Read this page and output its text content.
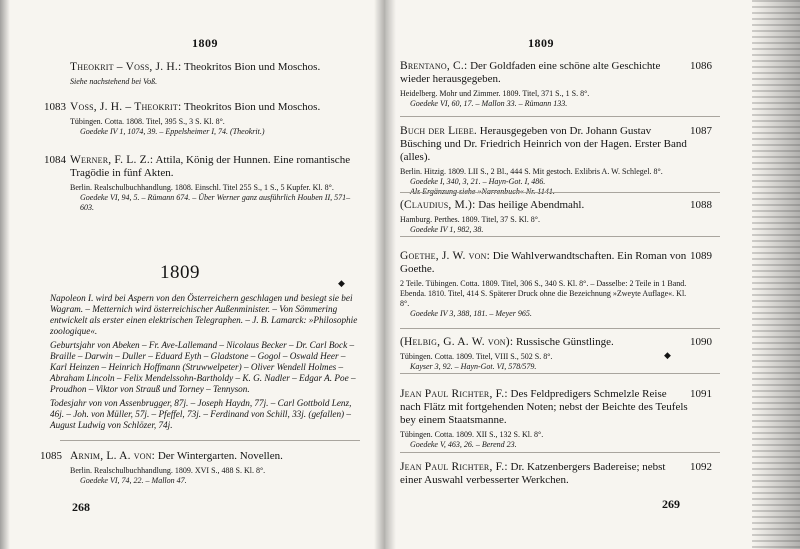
1809
Theokrit – Voss, J. H.: Theokritos Bion und Moschos.
Siehe nachstehend bei Voß.
1083 Voss, J. H. – Theokrit: Theokritos Bion und Moschos.
Tübingen. Cotta. 1808. Titel, 395 S., 3 S. Kl. 8°.
Goedeke IV 1, 1074, 39. – Eppelsheimer I, 74. (Theokrit.)
1084 Werner, F. L. Z.: Attila, König der Hunnen. Eine romantische Tragödie in fünf Akten.
Berlin. Realschulbuchhandlung. 1808. Einschl. Titel 255 S., 1 S., 5 Kupfer. Kl. 8°.
Goedeke VI, 94, 5. – Rümann 674. – Über Werner ganz ausführlich Houben II, 571–603.
1809	◆

Napoleon I. wird bei Aspern von den Österreichern geschlagen und besiegt sie bei Wagram. – Metternich wird österreichischer Außenminister. – Von Sömmering entwickelt als erster einen elektrischen Telegraphen. – J. B. Lamarck: »Philosophie zoologique«.

Geburtsjahr von Abeken – Fr. Ave-Lallemand – Nicolaus Becker – Dr. Carl Bock – Braille – Darwin – Duller – Eduard Eyth – Gladstone – Gogol – Oswald Heer – Karl Heinzen – Heinrich Hoffmann (Struwwelpeter) – Oliver Wendell Holmes – Abraham Lincoln – Felix Mendelssohn-Bartholdy – K. G. Nadler – Edgar A. Poe – Proudhon – Viktor von Strauß und Torney – Tennyson.

Todesjahr von von Assenbrugger, 87j. – Joseph Haydn, 77j. – Carl Gottbold Lenz, 46j. – Joh. von Müller, 57j. – Pfeffel, 73j. – Ferdinand von Schill, 33j. (gefallen) – August Ludwig von Schlözer, 74j.

1085 Arnim, L. A. von: Der Wintergarten. Novellen.
Berlin. Realschulbuchhandlung. 1809. XVI S., 488 S. Kl. 8°.
Goedeke VI, 74, 22. – Mallon 47.
268
1809
Brentano, C.: Der Goldfaden eine schöne alte Geschichte wieder herausgegeben.
Heidelberg. Mohr und Zimmer. 1809. Titel, 371 S., 1 S. 8°.
Goedeke VI, 60, 17. – Mallon 33. – Rümann 133.
1086
Buch der Liebe. Herausgegeben von Dr. Johann Gustav Büsching und Dr. Friedrich Heinrich von der Hagen. Erster Band (alles).
Berlin. Hitzig. 1809. LII S., 2 Bl., 444 S. Mit gestoch. Exlibris A. W. Schlegel. 8°.
Goedeke I, 340, 3, 21. – Hayn-Got. I, 486.
1087
(Claudius, M.): Das heilige Abendmahl.
Hamburg. Perthes. 1809. Titel, 37 S. Kl. 8°.
Goedeke IV 1, 982, 38.
1088
Goethe, J. W. von: Die Wahlverwandtschaften. Ein Roman von Goethe.
2 Teile. Tübingen. Cotta. 1809. Titel, 306 S., 340 S. Kl. 8°. – Dasselbe: 2 Teile in 1 Band. Ebenda. 1810. Titel, 414 S. Späterer Druck ohne die Bezeichnung »Zweyte Auflage«. Kl. 8°.
Goedeke IV 3, 388, 181. – Meyer 965.
1089
(Helbig, G. A. W. von): Russische Günstlinge.
Tübingen. Cotta. 1809. Titel, VIII S., 502 S. 8°.
Kayser 3, 92. – Hayn-Got. VI, 578/579.
1090
◆
Jean Paul Richter, F.: Des Feldpredigers Schmelzle Reise nach Flätz mit fortgehenden Noten; nebst der Beichte des Teufels bey einem Staatsmanne.
Tübingen. Cotta. 1809. XII S., 132 S. Kl. 8°.
Goedeke V, 463, 26. – Berend 23.
1091
Jean Paul Richter, F.: Dr. Katzenbergers Badereise; nebst einer Auswahl verbesserter Werkchen.
1092
269
